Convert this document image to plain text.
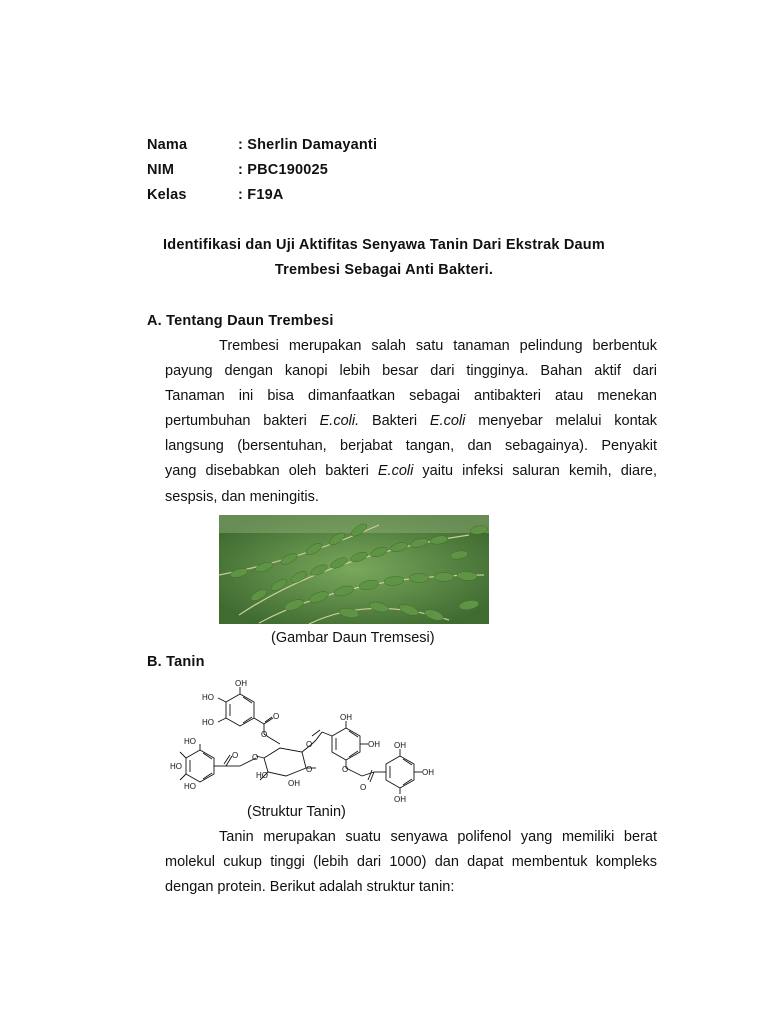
Nama	: Sherlin Damayanti
NIM	: PBC190025
Kelas	: F19A
Identifikasi dan Uji Aktifitas Senyawa Tanin Dari Ekstrak Daum
Trembesi Sebagai Anti Bakteri.
A. Tentang Daun Trembesi
Trembesi merupakan salah satu tanaman pelindung berbentuk
payung dengan kanopi lebih besar dari tingginya. Bahan aktif dari
Tanaman ini bisa dimanfaatkan sebagai antibakteri atau menekan
pertumbuhan bakteri E.coli. Bakteri E.coli menyebar melalui kontak
langsung (bersentuhan, berjabat tangan, dan sebagainya). Penyakit
yang disebabkan oleh bakteri E.coli yaitu infeksi saluran kemih, diare,
sespsis, dan meningitis.
(Gambar Daun Tremsesi)
B. Tanin
OH
HO
HO
O
O
HO
HO
HO
O O
HO
OH
O
O
OH
OH
O
O
OH
OH
OH
(Struktur Tanin)
Tanin merupakan suatu senyawa polifenol yang memiliki berat
molekul cukup tinggi (lebih dari 1000) dan dapat membentuk kompleks
dengan protein. Berikut adalah struktur tanin:
